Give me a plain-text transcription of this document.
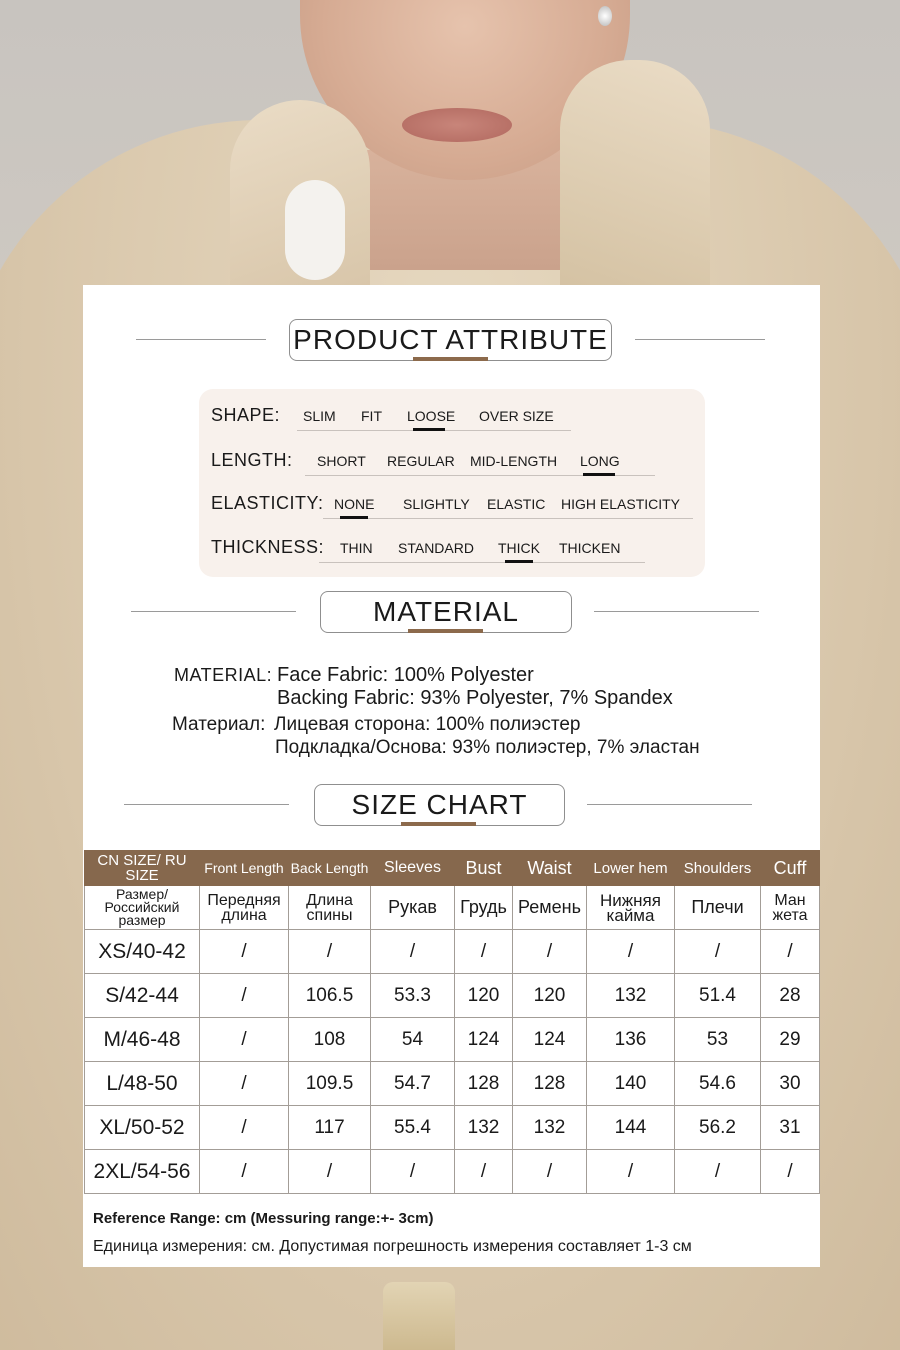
PRODUCT ATTRIBUTE
SHAPE: SLIM FIT LOOSE OVER SIZE
LENGTH: SHORT REGULAR MID-LENGTH LONG
ELASTICITY: NONE SLIGHTLY ELASTIC HIGH ELASTICITY
THICKNESS: THIN STANDARD THICK THICKEN
MATERIAL
MATERIAL: Face Fabric: 100% Polyester
Backing Fabric: 93% Polyester, 7% Spandex
Материал: Лицевая сторона: 100% полиэстер
Подкладка/Основа: 93% полиэстер, 7% эластан
SIZE CHART
CN SIZE/ RU SIZE	Front Length	Back Length	Sleeves	Bust	Waist	Lower hem	Shoulders	Cuff
Размер/ Российский размер	Передняя длина	Длина спины	Рукав	Грудь	Ремень	Нижняя кайма	Плечи	Ман жета
XS/40-42	/	/	/	/	/	/	/	/
S/42-44	/	106.5	53.3	120	120	132	51.4	28
M/46-48	/	108	54	124	124	136	53	29
L/48-50	/	109.5	54.7	128	128	140	54.6	30
XL/50-52	/	117	55.4	132	132	144	56.2	31
2XL/54-56	/	/	/	/	/	/	/	/
Reference Range: cm (Messuring range:+- 3cm)
Единица измерения: см. Допустимая погрешность измерения составляет 1-3 см
